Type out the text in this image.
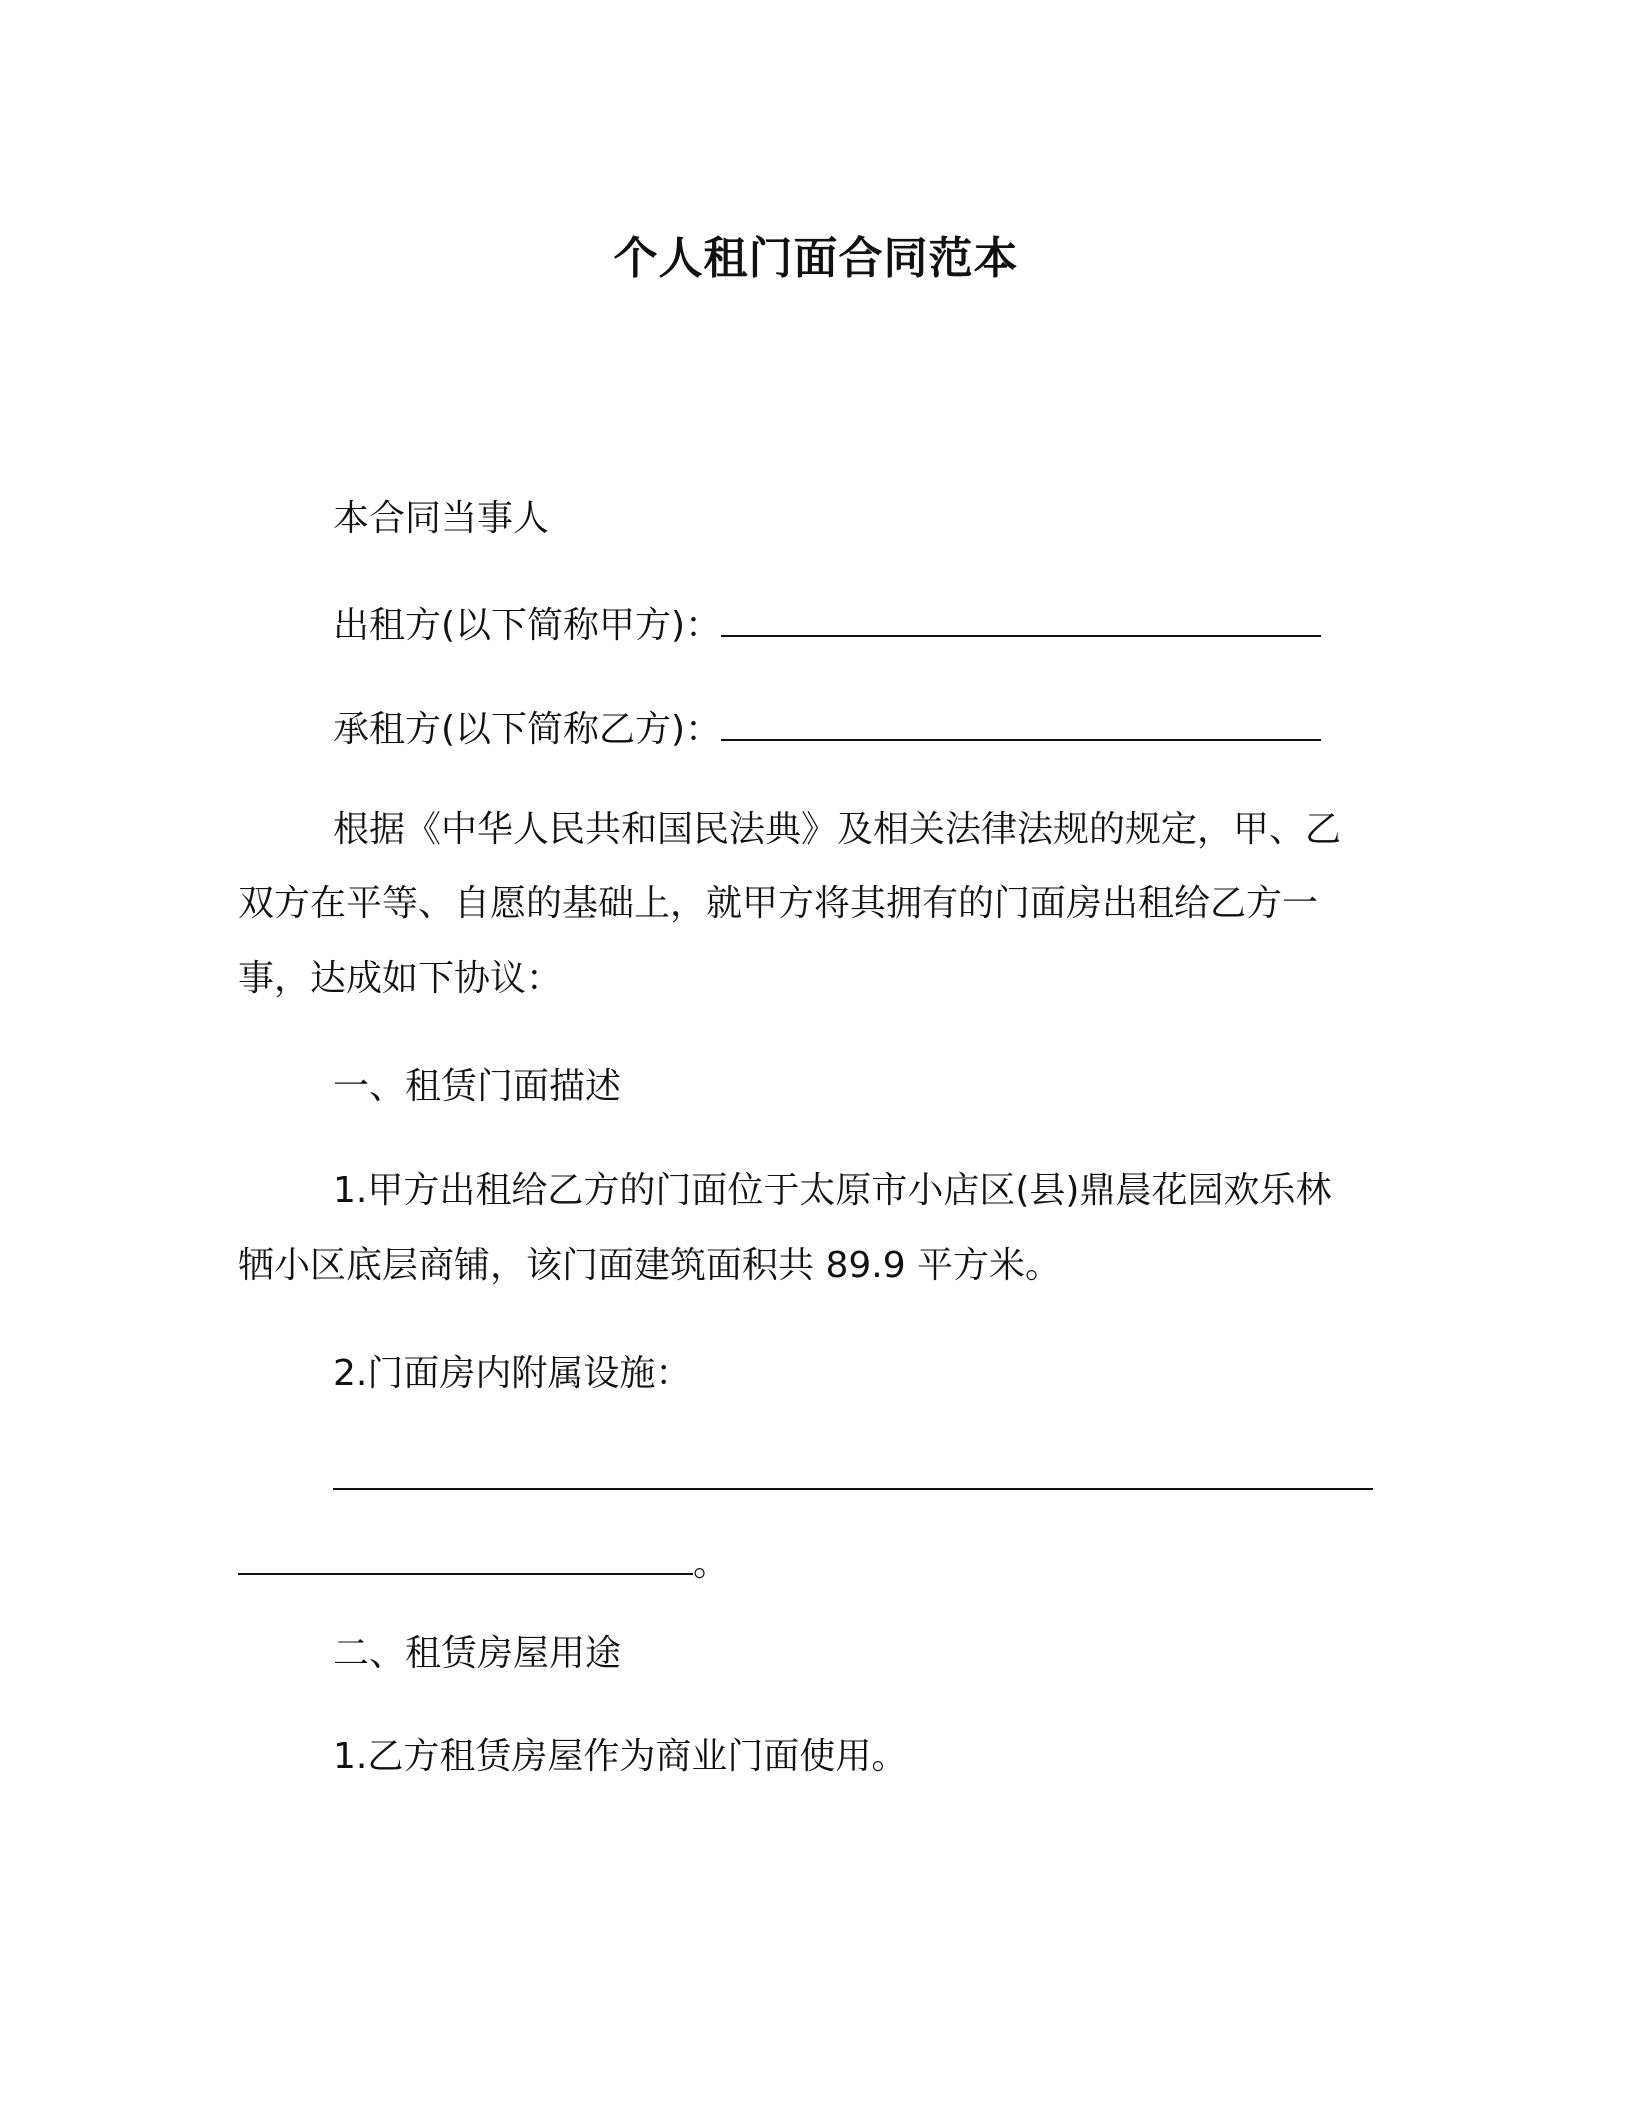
个人租门面合同范本
本合同当事人
出租方(以下简称甲方)：
承租方(以下简称乙方)：
根据《中华人民共和国民法典》及相关法律法规的规定，甲、乙
双方在平等、自愿的基础上，就甲方将其拥有的门面房出租给乙方一
事，达成如下协议：
一、租赁门面描述
1.甲方出租给乙方的门面位于太原市小店区(县)鼎晨花园欢乐林
牺小区底层商铺，该门面建筑面积共 89.9 平方米。
2.门面房内附属设施：
。
二、租赁房屋用途
1.乙方租赁房屋作为商业门面使用。
